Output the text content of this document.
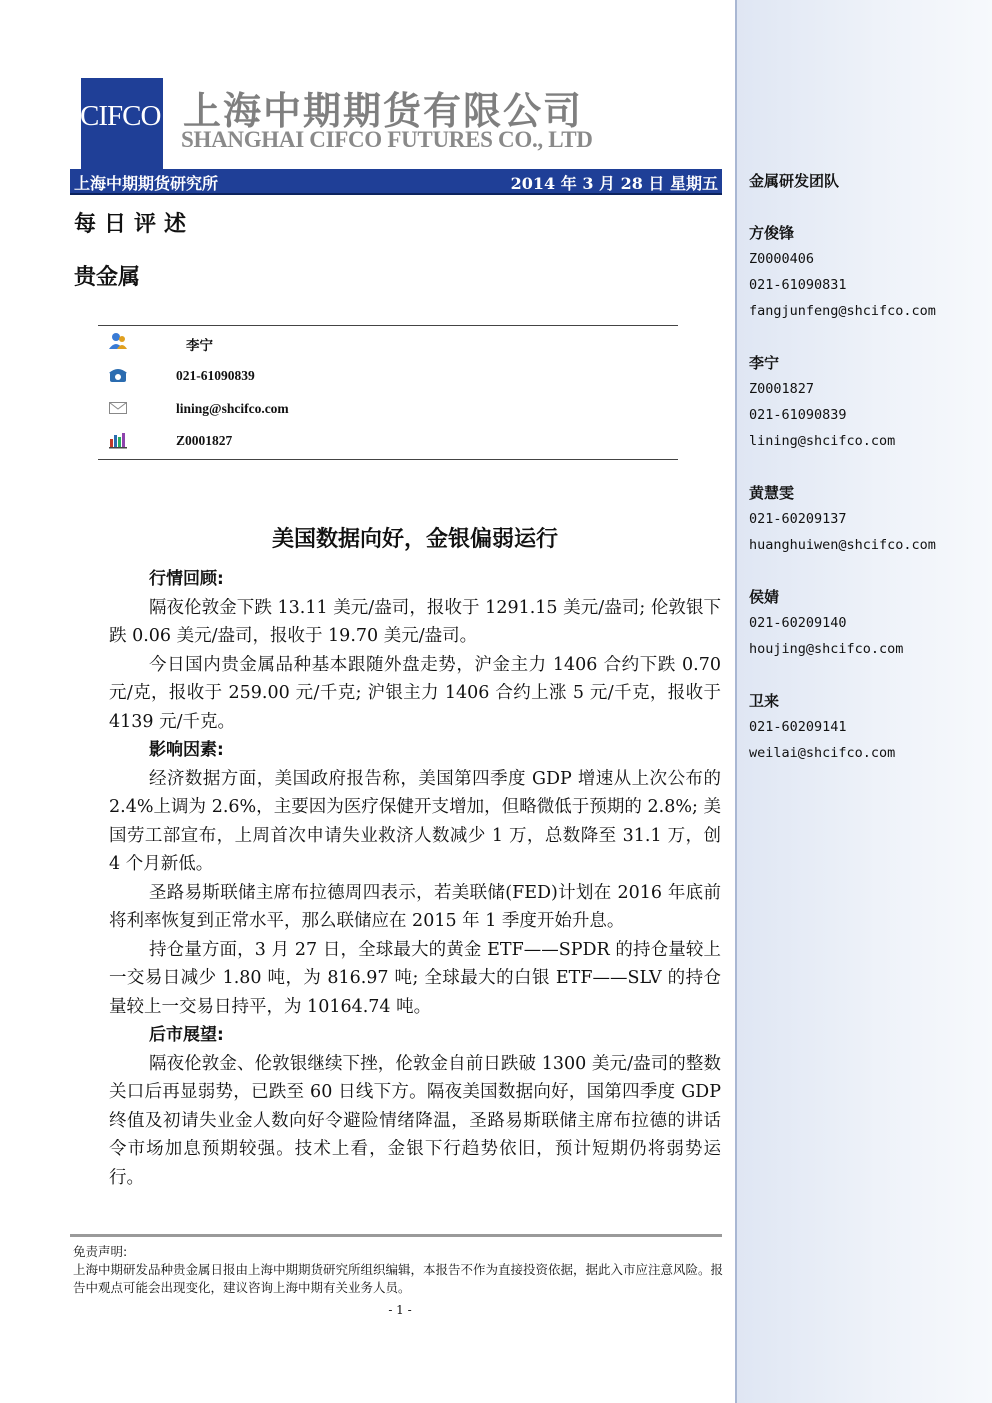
金属研发团队
方俊锋
Z0000406
021-61090831
fangjunfeng@shcifco.com
李宁
Z0001827
021-61090839
lining@shcifco.com
黄慧雯
021-60209137
huanghuiwen@shcifco.com
侯婧
021-60209140
houjing@shcifco.com
卫来
021-60209141
weilai@shcifco.com
CIFCO 上海中期期货有限公司
SHANGHAI CIFCO FUTURES CO., LTD
上海中期期货研究所	2014 年 3 月 28 日 星期五
每日评述
贵金属
李宁
021-61090839
lining@shcifco.com
Z0001827
美国数据向好，金银偏弱运行
行情回顾:

隔夜伦敦金下跌 13.11 美元/盎司，报收于 1291.15 美元/盎司; 伦敦银下跌 0.06 美元/盎司，报收于 19.70 美元/盎司。

今日国内贵金属品种基本跟随外盘走势，沪金主力 1406 合约下跌 0.70 元/克，报收于 259.00 元/千克; 沪银主力 1406 合约上涨 5 元/千克，报收于 4139 元/千克。

影响因素:

经济数据方面，美国政府报告称，美国第四季度 GDP 增速从上次公布的 2.4%上调为 2.6%，主要因为医疗保健开支增加，但略微低于预期的 2.8%; 美国劳工部宣布，上周首次申请失业救济人数减少 1 万，总数降至 31.1 万，创 4 个月新低。

圣路易斯联储主席布拉德周四表示，若美联储(FED)计划在 2016 年底前将利率恢复到正常水平，那么联储应在 2015 年 1 季度开始升息。

持仓量方面，3 月 27 日，全球最大的黄金 ETF——SPDR 的持仓量较上一交易日减少 1.80 吨，为 816.97 吨; 全球最大的白银 ETF——SLV 的持仓量较上一交易日持平，为 10164.74 吨。

后市展望:

隔夜伦敦金、伦敦银继续下挫，伦敦金自前日跌破 1300 美元/盎司的整数关口后再显弱势，已跌至 60 日线下方。隔夜美国数据向好，国第四季度 GDP 终值及初请失业金人数向好令避险情绪降温，圣路易斯联储主席布拉德的讲话令市场加息预期较强。技术上看，金银下行趋势依旧，预计短期仍将弱势运行。

免责声明:
上海中期研发品种贵金属日报由上海中期期货研究所组织编辑，本报告不作为直接投资依据，据此入市应注意风险。报告中观点可能会出现变化，建议咨询上海中期有关业务人员。
- 1 -
